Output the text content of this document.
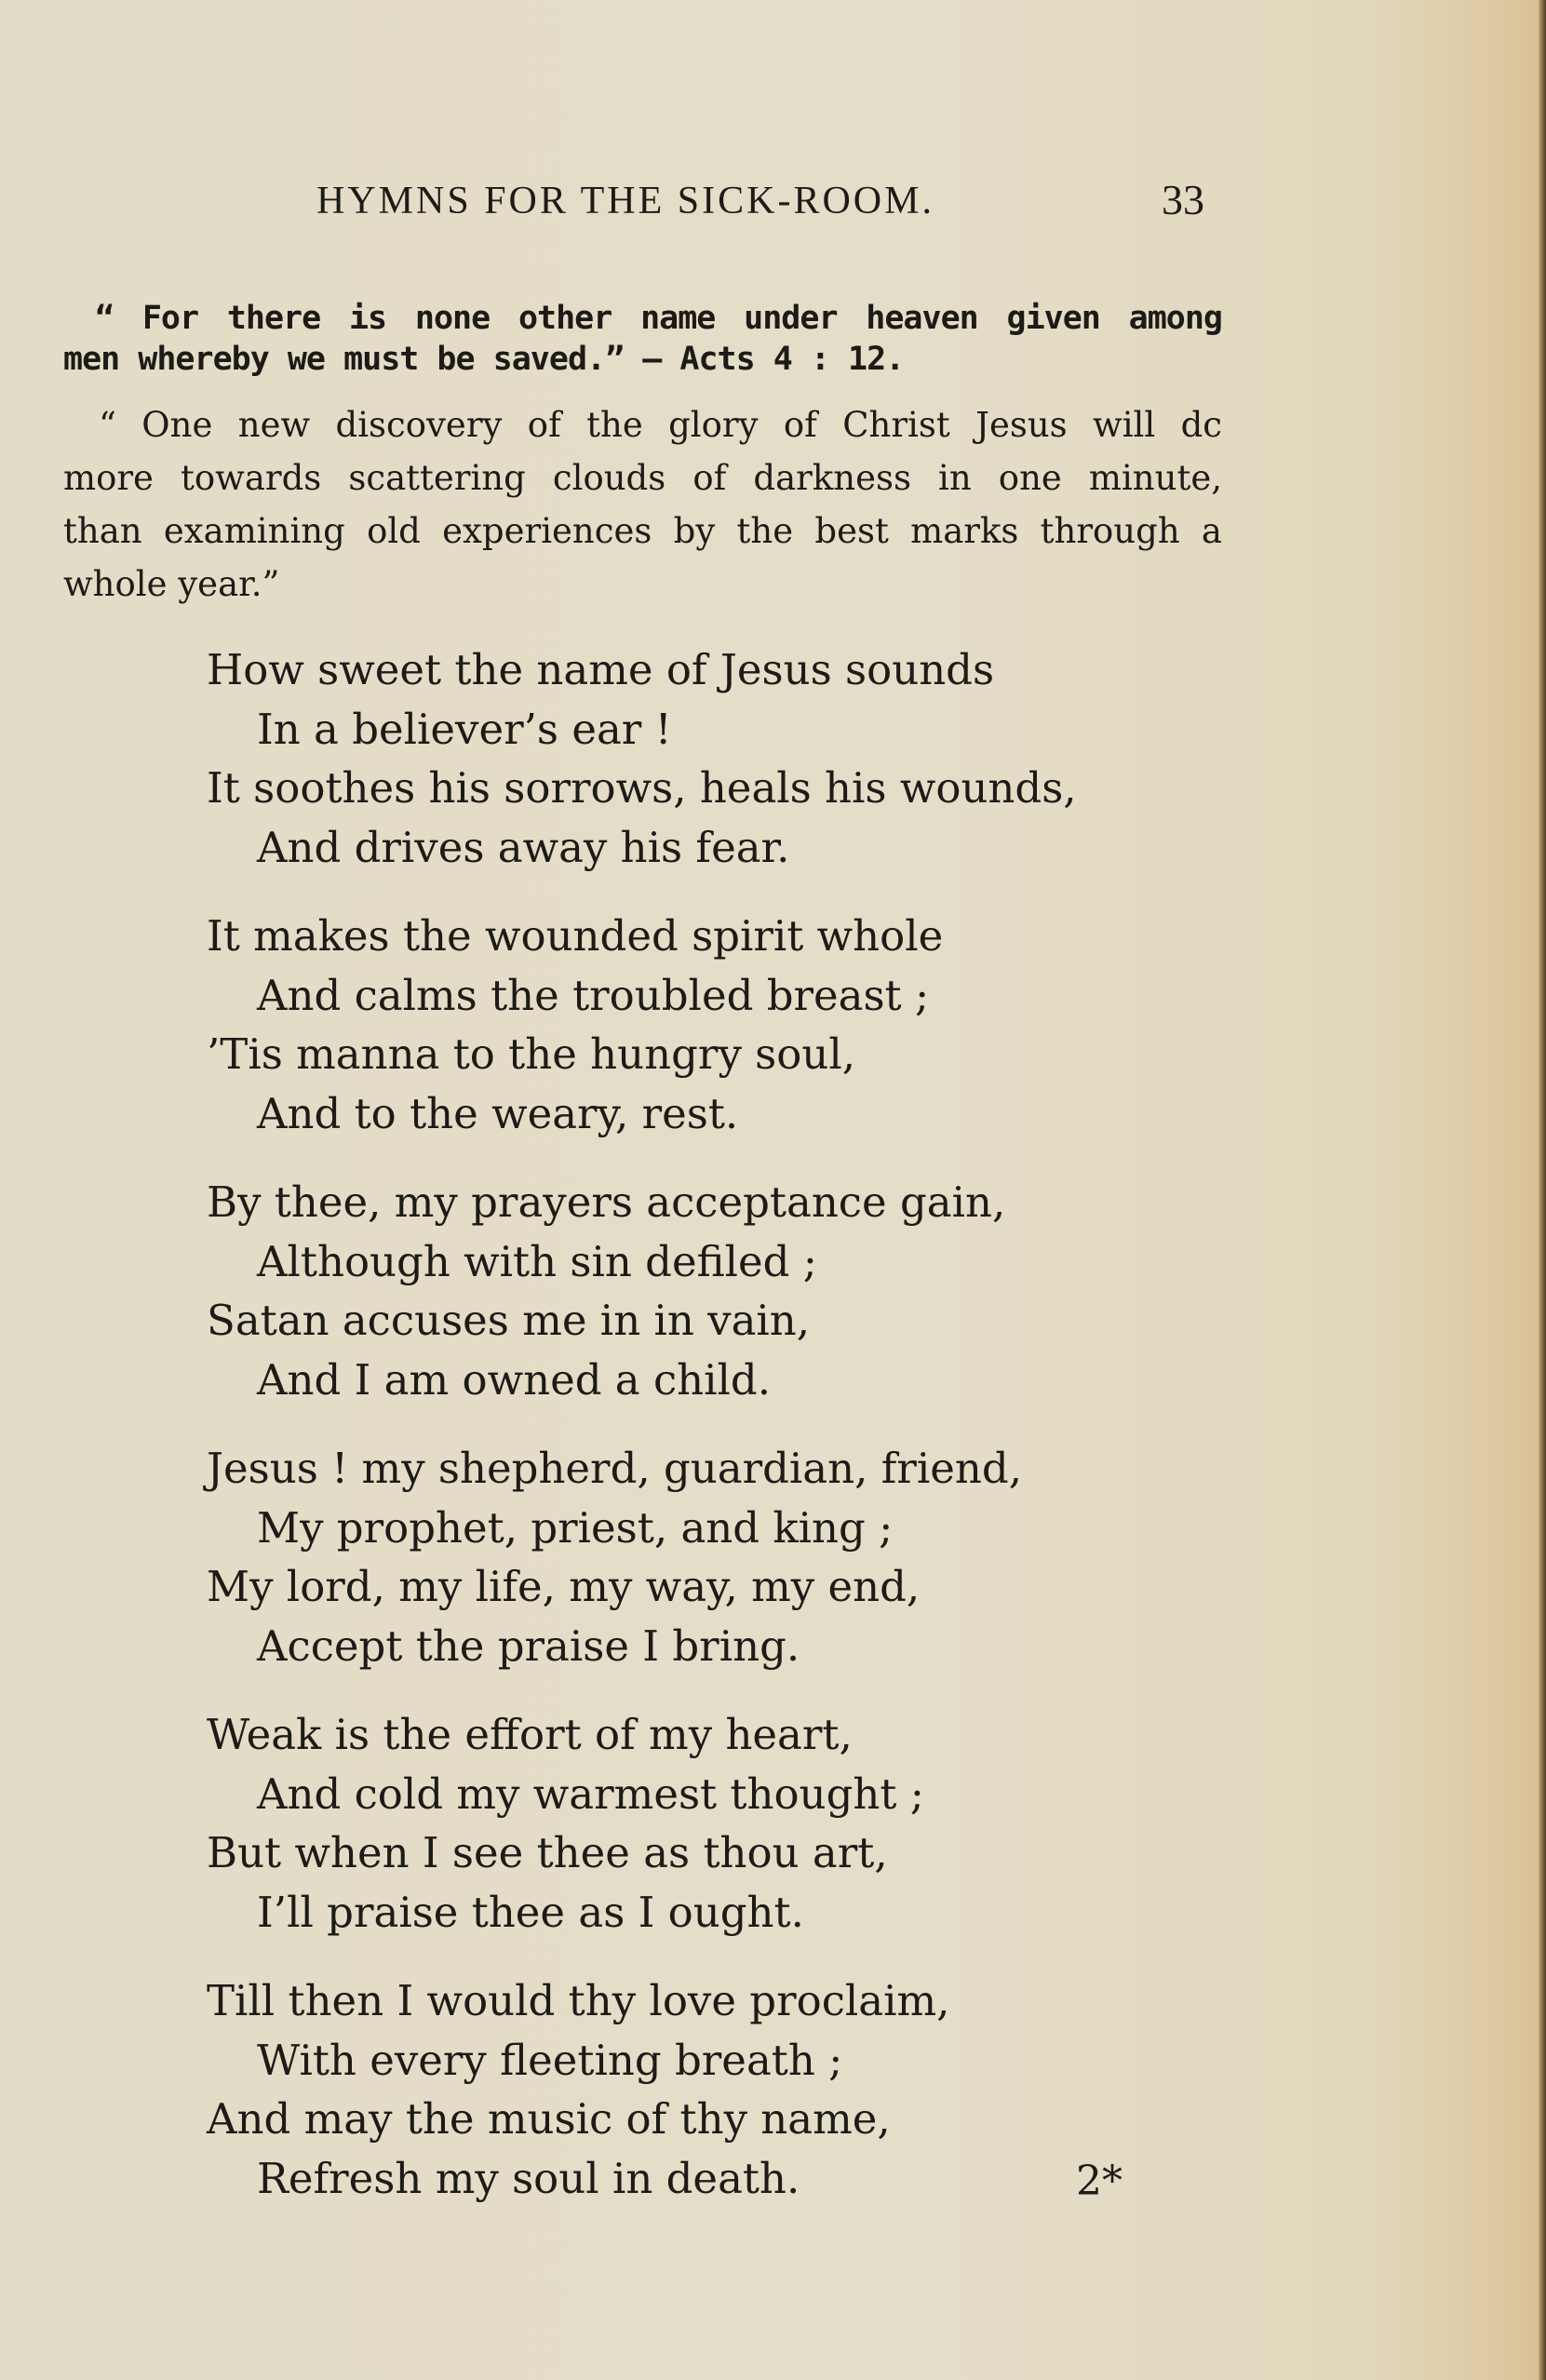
HYMNS FOR THE SICK-ROOM.	33
“ For there is none other name under heaven given among
men whereby we must be saved.” — Acts 4 : 12.
“ One new discovery of the glory of Christ Jesus will dc
more towards scattering clouds of darkness in one minute,
than examining old experiences by the best marks through a
whole year.”
How sweet the name of Jesus sounds
In a believer’s ear !
It soothes his sorrows, heals his wounds,
And drives away his fear.
It makes the wounded spirit whole
And calms the troubled breast ;
’Tis manna to the hungry soul,
And to the weary, rest.
By thee, my prayers acceptance gain,
Although with sin defiled ;
Satan accuses me in in vain,
And I am owned a child.
Jesus ! my shepherd, guardian, friend,
My prophet, priest, and king ;
My lord, my life, my way, my end,
Accept the praise I bring.
Weak is the effort of my heart,
And cold my warmest thought ;
But when I see thee as thou art,
I’ll praise thee as I ought.
Till then I would thy love proclaim,
With every fleeting breath ;
And may the music of thy name,
Refresh my soul in death.	2*
